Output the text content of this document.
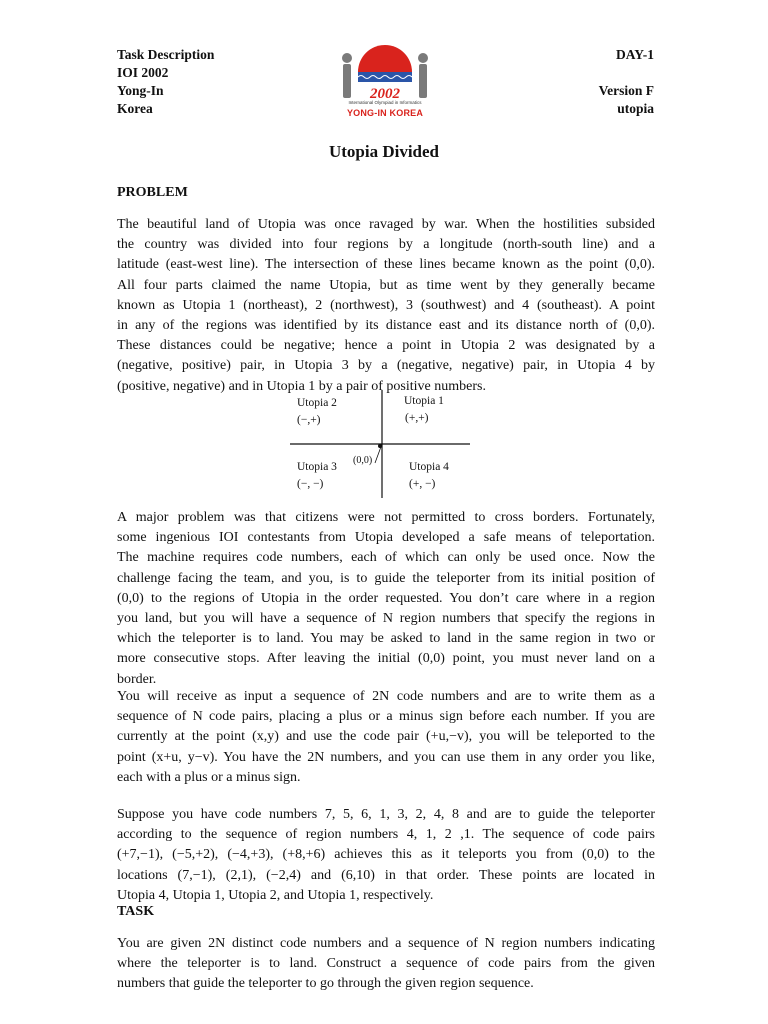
Task Description
IOI 2002
Yong-In
Korea
2002
International Olympiad in Informatics
YONG-IN KOREA
DAY-1
Version F
utopia
Utopia Divided
PROBLEM
The beautiful land of Utopia was once ravaged by war. When the hostilities subsided
the country was divided into four regions by a longitude (north-south line) and a
latitude (east-west line). The intersection of these lines became known as the point (0,0).
All four parts claimed the name Utopia, but as time went by they generally became
known as Utopia 1 (northeast), 2 (northwest), 3 (southwest) and 4 (southeast). A point
in any of the regions was identified by its distance east and its distance north of (0,0).
These distances could be negative; hence a point in Utopia 2 was designated by a
(negative, positive) pair, in Utopia 3 by a (negative, negative) pair, in Utopia 4 by
(positive, negative) and in Utopia 1 by a pair of positive numbers.
Utopia 2
(−,+)
Utopia 1
(+,+)
(0,0)
Utopia 3
(−, −)
Utopia 4
(+, −)
A major problem was that citizens were not permitted to cross borders. Fortunately,
some ingenious IOI contestants from Utopia developed a safe means of teleportation.
The machine requires code numbers, each of which can only be used once. Now the
challenge facing the team, and you, is to guide the teleporter from its initial position of
(0,0) to the regions of Utopia in the order requested. You don’t care where in a region
you land, but you will have a sequence of N region numbers that specify the regions in
which the teleporter is to land. You may be asked to land in the same region in two or
more consecutive stops. After leaving the initial (0,0) point, you must never land on a
border.
You will receive as input a sequence of 2N code numbers and are to write them as a
sequence of N code pairs, placing a plus or a minus sign before each number. If you are
currently at the point (x,y) and use the code pair (+u,−v), you will be teleported to the
point (x+u, y−v). You have the 2N numbers, and you can use them in any order you like,
each with a plus or a minus sign.
Suppose you have code numbers 7, 5, 6, 1, 3, 2, 4, 8 and are to guide the teleporter
according to the sequence of region numbers 4, 1, 2 ,1. The sequence of code pairs
(+7,−1), (−5,+2), (−4,+3), (+8,+6) achieves this as it teleports you from (0,0) to the
locations (7,−1), (2,1), (−2,4) and (6,10) in that order. These points are located in
Utopia 4, Utopia 1, Utopia 2, and Utopia 1, respectively.
TASK
You are given 2N distinct code numbers and a sequence of N region numbers indicating
where the teleporter is to land. Construct a sequence of code pairs from the given
numbers that guide the teleporter to go through the given region sequence.
